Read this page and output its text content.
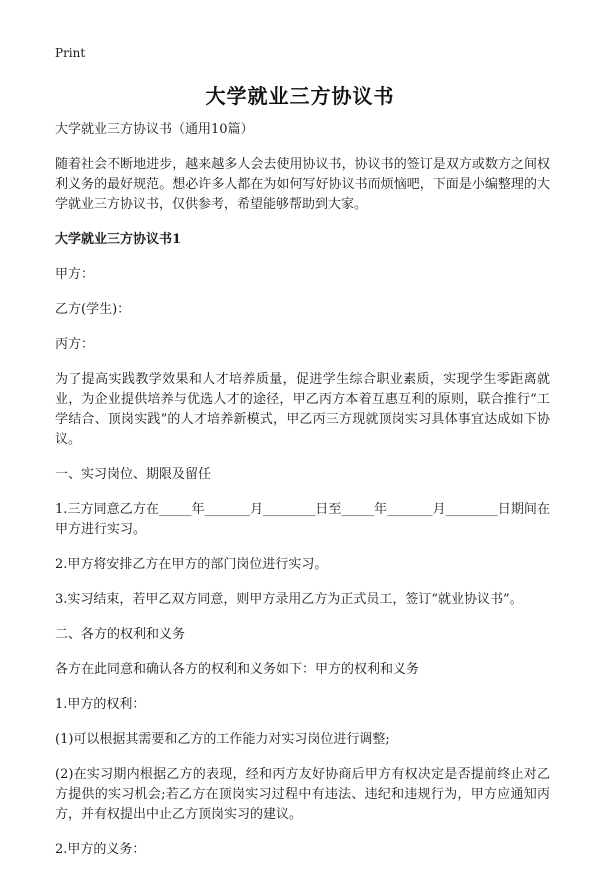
Print
大学就业三方协议书

大学就业三方协议书（通用10篇）

随着社会不断地进步，越来越多人会去使用协议书，协议书的签订是双方或数方之间权利义务的最好规范。想必许多人都在为如何写好协议书而烦恼吧，下面是小编整理的大学就业三方协议书，仅供参考，希望能够帮助到大家。

大学就业三方协议书1

甲方：

乙方(学生)：

丙方：

为了提高实践教学效果和人才培养质量，促进学生综合职业素质，实现学生零距离就业，为企业提供培养与优选人才的途径，甲乙丙方本着互惠互利的原则，联合推行“工学结合、顶岗实践”的人才培养新模式，甲乙丙三方现就顶岗实习具体事宜达成如下协议。

一、实习岗位、期限及留任

1.三方同意乙方在_____年_______月________日至_____年_______月________日期间在甲方进行实习。

2.甲方将安排乙方在甲方的部门岗位进行实习。

3.实习结束，若甲乙双方同意，则甲方录用乙方为正式员工，签订“就业协议书”。

二、各方的权利和义务

各方在此同意和确认各方的权利和义务如下：甲方的权利和义务

1.甲方的权利：

(1)可以根据其需要和乙方的工作能力对实习岗位进行调整;

(2)在实习期内根据乙方的表现，经和丙方友好协商后甲方有权决定是否提前终止对乙方提供的实习机会;若乙方在顶岗实习过程中有违法、违纪和违规行为，甲方应通知丙方，并有权提出中止乙方顶岗实习的建议。

2.甲方的义务：
